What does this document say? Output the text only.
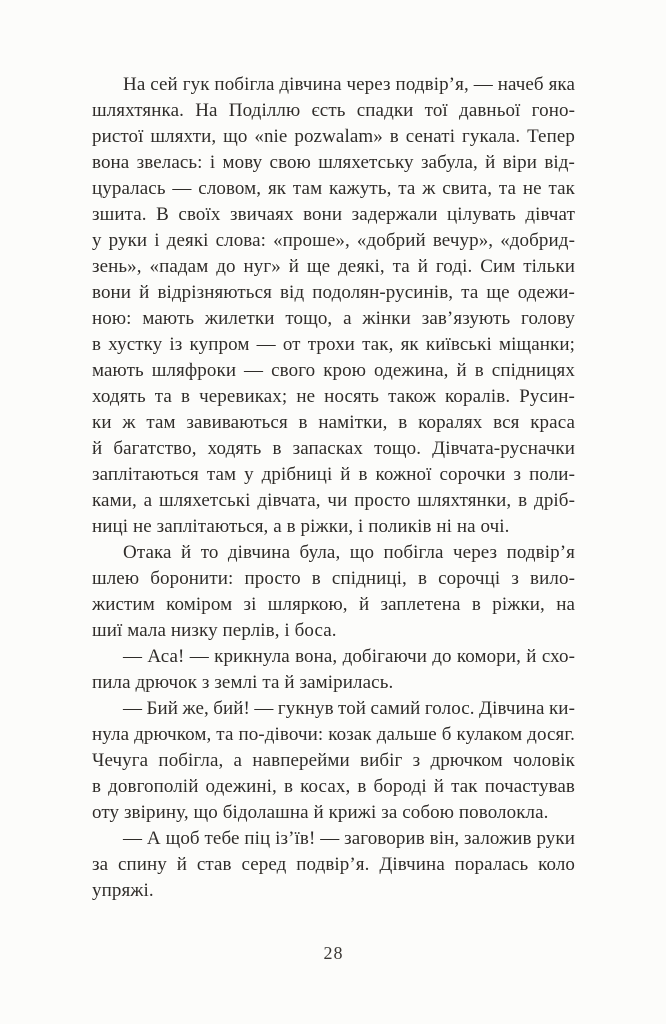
На сей гук побігла дівчина через подвір’я, — начеб яка
шляхтянка. На Поділлю єсть спадки тої давньої гоно-
ристої шляхти, що «nie pozwalam» в сенаті гукала. Тепер
вона звелась: і мову свою шляхетську забула, й віри від-
цуралась — словом, як там кажуть, та ж свита, та не так
зшита. В своїх звичаях вони задержали цілувать дівчат
у руки і деякі слова: «проше», «добрий вечур», «добрид-
зень», «падам до нуг» й ще деякі, та й годі. Сим тільки
вони й відрізняються від подолян-русинів, та ще одежи-
ною: мають жилетки тощо, а жінки зав’язують голову
в хустку із купром — от трохи так, як київські міщанки;
мають шляфроки — свого крою одежина, й в спідницях
ходять та в черевиках; не носять також коралів. Русин-
ки ж там завиваються в намітки, в коралях вся краса
й багатство, ходять в запасках тощо. Дівчата-русначки
заплітаються там у дрібниці й в кожної сорочки з поли-
ками, а шляхетські дівчата, чи просто шляхтянки, в дріб-
ниці не заплітаються, а в ріжки, і поликів ні на очі.
Отака й то дівчина була, що побігла через подвір’я
шлею боронити: просто в спідниці, в сорочці з вило-
жистим коміром зі шляркою, й заплетена в ріжки, на
шиї мала низку перлів, і боса.
— Аса! — крикнула вона, добігаючи до комори, й схо-
пила дрючок з землі та й замірилась.
— Бий же, бий! — гукнув той самий голос. Дівчина ки-
нула дрючком, та по-дівочи: козак дальше б кулаком досяг.
Чечуга побігла, а навперейми вибіг з дрючком чоловік
в довгополій одежині, в косах, в бороді й так почастував
оту звірину, що бідолашна й крижі за собою поволокла.
— А щоб тебе піц із’їв! — заговорив він, заложив руки
за спину й став серед подвір’я. Дівчина поралась коло
упряжі.
28
